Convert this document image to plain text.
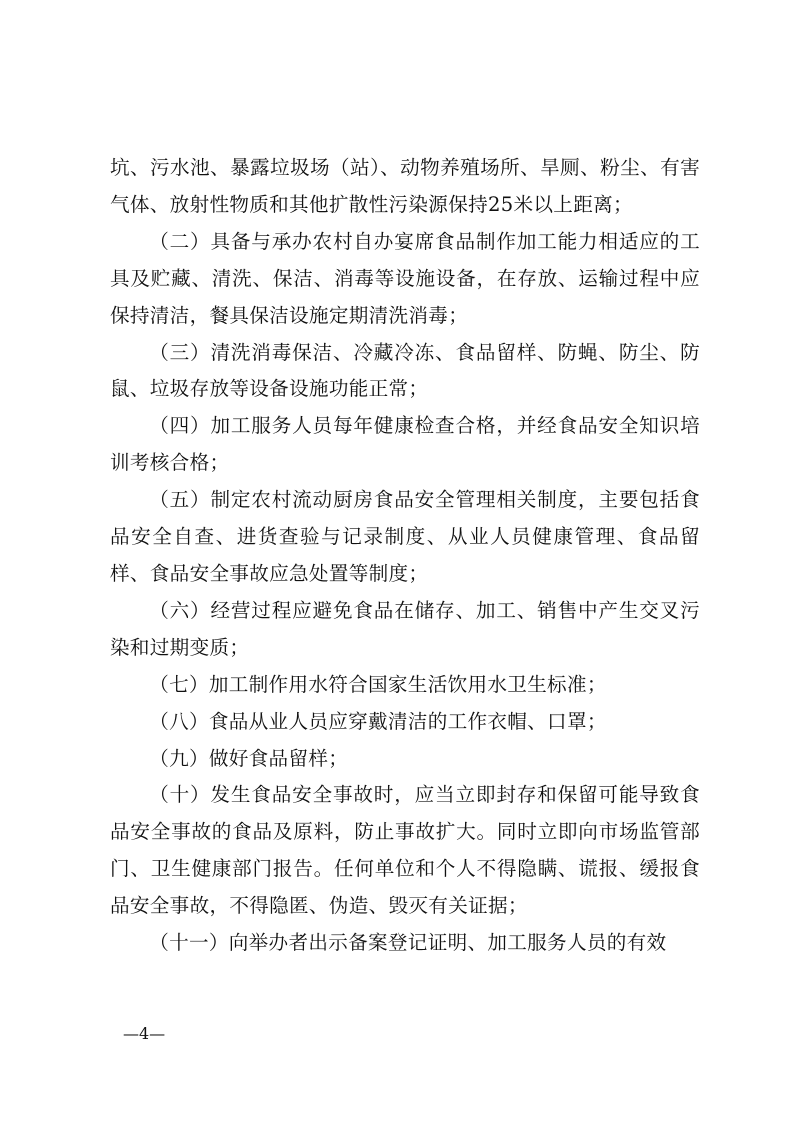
坑、污水池、暴露垃圾场（站）、动物养殖场所、旱厕、粉尘、有害气体、放射性物质和其他扩散性污染源保持25米以上距离；

（二）具备与承办农村自办宴席食品制作加工能力相适应的工具及贮藏、清洗、保洁、消毒等设施设备，在存放、运输过程中应保持清洁，餐具保洁设施定期清洗消毒；

（三）清洗消毒保洁、冷藏冷冻、食品留样、防蝇、防尘、防鼠、垃圾存放等设备设施功能正常；

（四）加工服务人员每年健康检查合格，并经食品安全知识培训考核合格；

（五）制定农村流动厨房食品安全管理相关制度，主要包括食品安全自查、进货查验与记录制度、从业人员健康管理、食品留样、食品安全事故应急处置等制度；

（六）经营过程应避免食品在储存、加工、销售中产生交叉污染和过期变质；

（七）加工制作用水符合国家生活饮用水卫生标准；

（八）食品从业人员应穿戴清洁的工作衣帽、口罩；

（九）做好食品留样；

（十）发生食品安全事故时，应当立即封存和保留可能导致食品安全事故的食品及原料，防止事故扩大。同时立即向市场监管部门、卫生健康部门报告。任何单位和个人不得隐瞒、谎报、缓报食品安全事故，不得隐匿、伪造、毁灭有关证据；

（十一）向举办者出示备案登记证明、加工服务人员的有效

—4—
